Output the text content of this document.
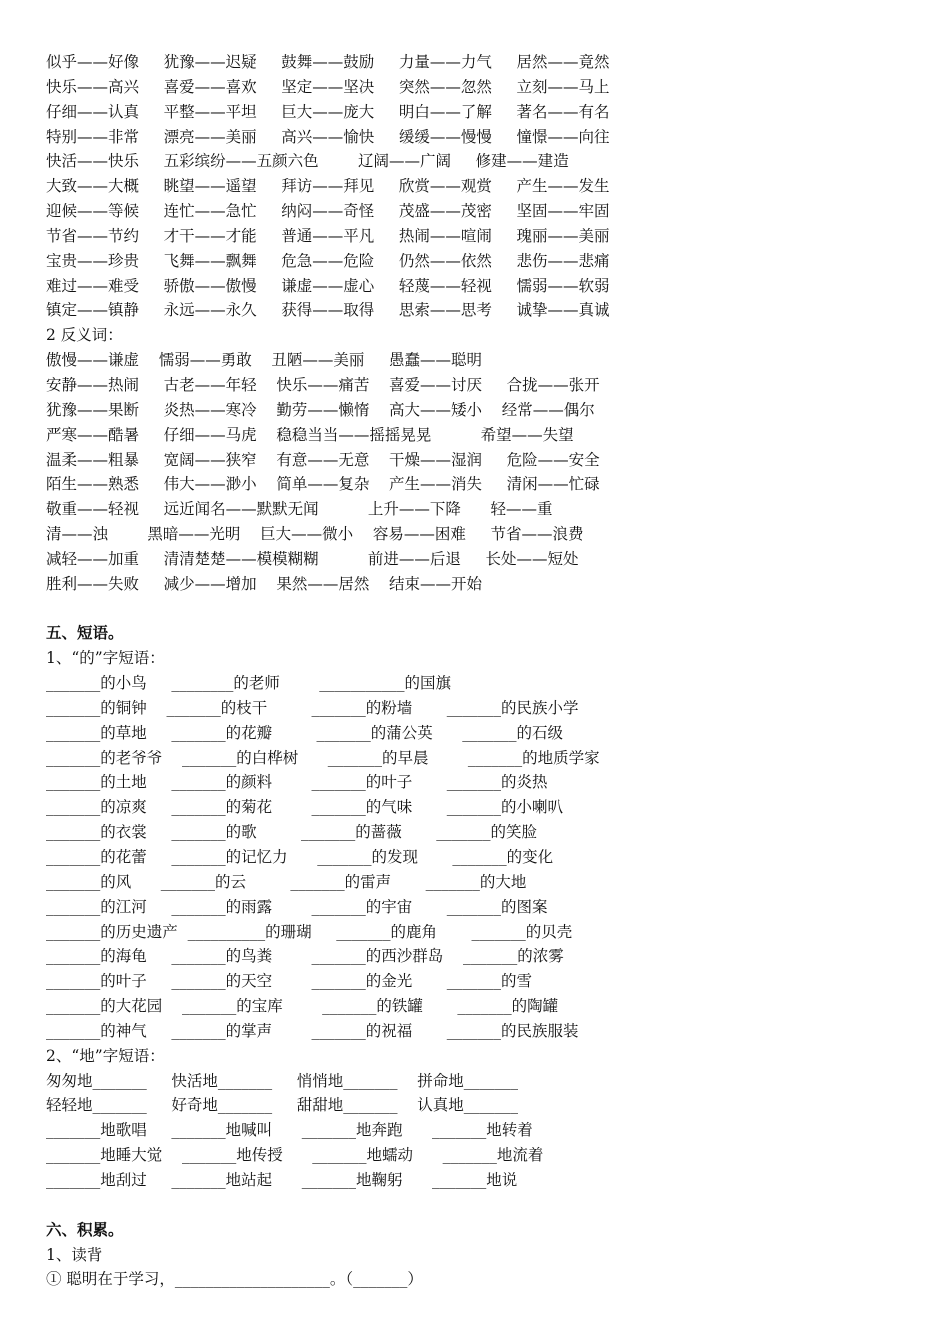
似乎——好像     犹豫——迟疑     鼓舞——鼓励     力量——力气     居然——竟然
快乐——高兴     喜爱——喜欢     坚定——坚决     突然——忽然     立刻——马上
仔细——认真     平整——平坦     巨大——庞大     明白——了解     著名——有名
特别——非常     漂亮——美丽     高兴——愉快     缓缓——慢慢     憧憬——向往
快活——快乐     五彩缤纷——五颜六色        辽阔——广阔     修建——建造
大致——大概     眺望——遥望     拜访——拜见     欣赏——观赏     产生——发生
迎候——等候     连忙——急忙     纳闷——奇怪     茂盛——茂密     坚固——牢固
节省——节约     才干——才能     普通——平凡     热闹——喧闹     瑰丽——美丽
宝贵——珍贵     飞舞——飘舞     危急——危险     仍然——依然     悲伤——悲痛
难过——难受     骄傲——傲慢     谦虚——虚心     轻蔑——轻视     懦弱——软弱
镇定——镇静     永远——永久     获得——取得     思索——思考     诚挚——真诚
2 反义词：
傲慢——谦虚    懦弱——勇敢    丑陋——美丽     愚蠢——聪明
安静——热闹     古老——年轻    快乐——痛苦    喜爱——讨厌     合拢——张开
犹豫——果断     炎热——寒冷    勤劳——懒惰    高大——矮小    经常——偶尔
严寒——酷暑     仔细——马虎    稳稳当当——摇摇晃晃          希望——失望
温柔——粗暴     宽阔——狭窄    有意——无意    干燥——湿润     危险——安全
陌生——熟悉     伟大——渺小    简单——复杂    产生——消失     清闲——忙碌
敬重——轻视     远近闻名——默默无闻          上升——下降      轻——重
清——浊        黑暗——光明    巨大——微小    容易——困难     节省——浪费
减轻——加重     清清楚楚——模模糊糊          前进——后退     长处——短处
胜利——失败     减少——增加    果然——居然    结束——开始
五、短语。
1、“的”字短语：
_______的小鸟     ________的老师        ___________的国旗
_______的铜钟    _______的枝干         _______的粉墙       _______的民族小学
_______的草地     _______的花瓣         _______的蒲公英      _______的石级
_______的老爷爷    _______的白桦树      _______的早晨        _______的地质学家
_______的土地     _______的颜料        _______的叶子       _______的炎热
_______的凉爽     _______的菊花        _______的气味       _______的小喇叭
_______的衣裳     _______的歌         _______的蔷薇       _______的笑脸
_______的花蕾     _______的记忆力      _______的发现       _______的变化
_______的风      _______的云         _______的雷声       _______的大地
_______的江河     _______的雨露        _______的宇宙       _______的图案
_______的历史遗产  __________的珊瑚     _______的鹿角       _______的贝壳
_______的海龟     _______的鸟粪        _______的西沙群岛    _______的浓雾
_______的叶子     _______的天空        _______的金光       _______的雪
_______的大花园    _______的宝库        _______的铁罐       _______的陶罐
_______的神气     _______的掌声        _______的祝福       _______的民族服装
2、“地”字短语：
匆匆地_______     快活地_______     悄悄地_______    拼命地_______
轻轻地_______     好奇地_______     甜甜地_______    认真地_______
_______地歌唱     _______地喊叫      _______地奔跑      _______地转着
_______地睡大觉    _______地传授      _______地蠕动      _______地流着
_______地刮过     _______地站起      _______地鞠躬      _______地说
六、积累。
1、读背
① 聪明在于学习，____________________。（_______）
